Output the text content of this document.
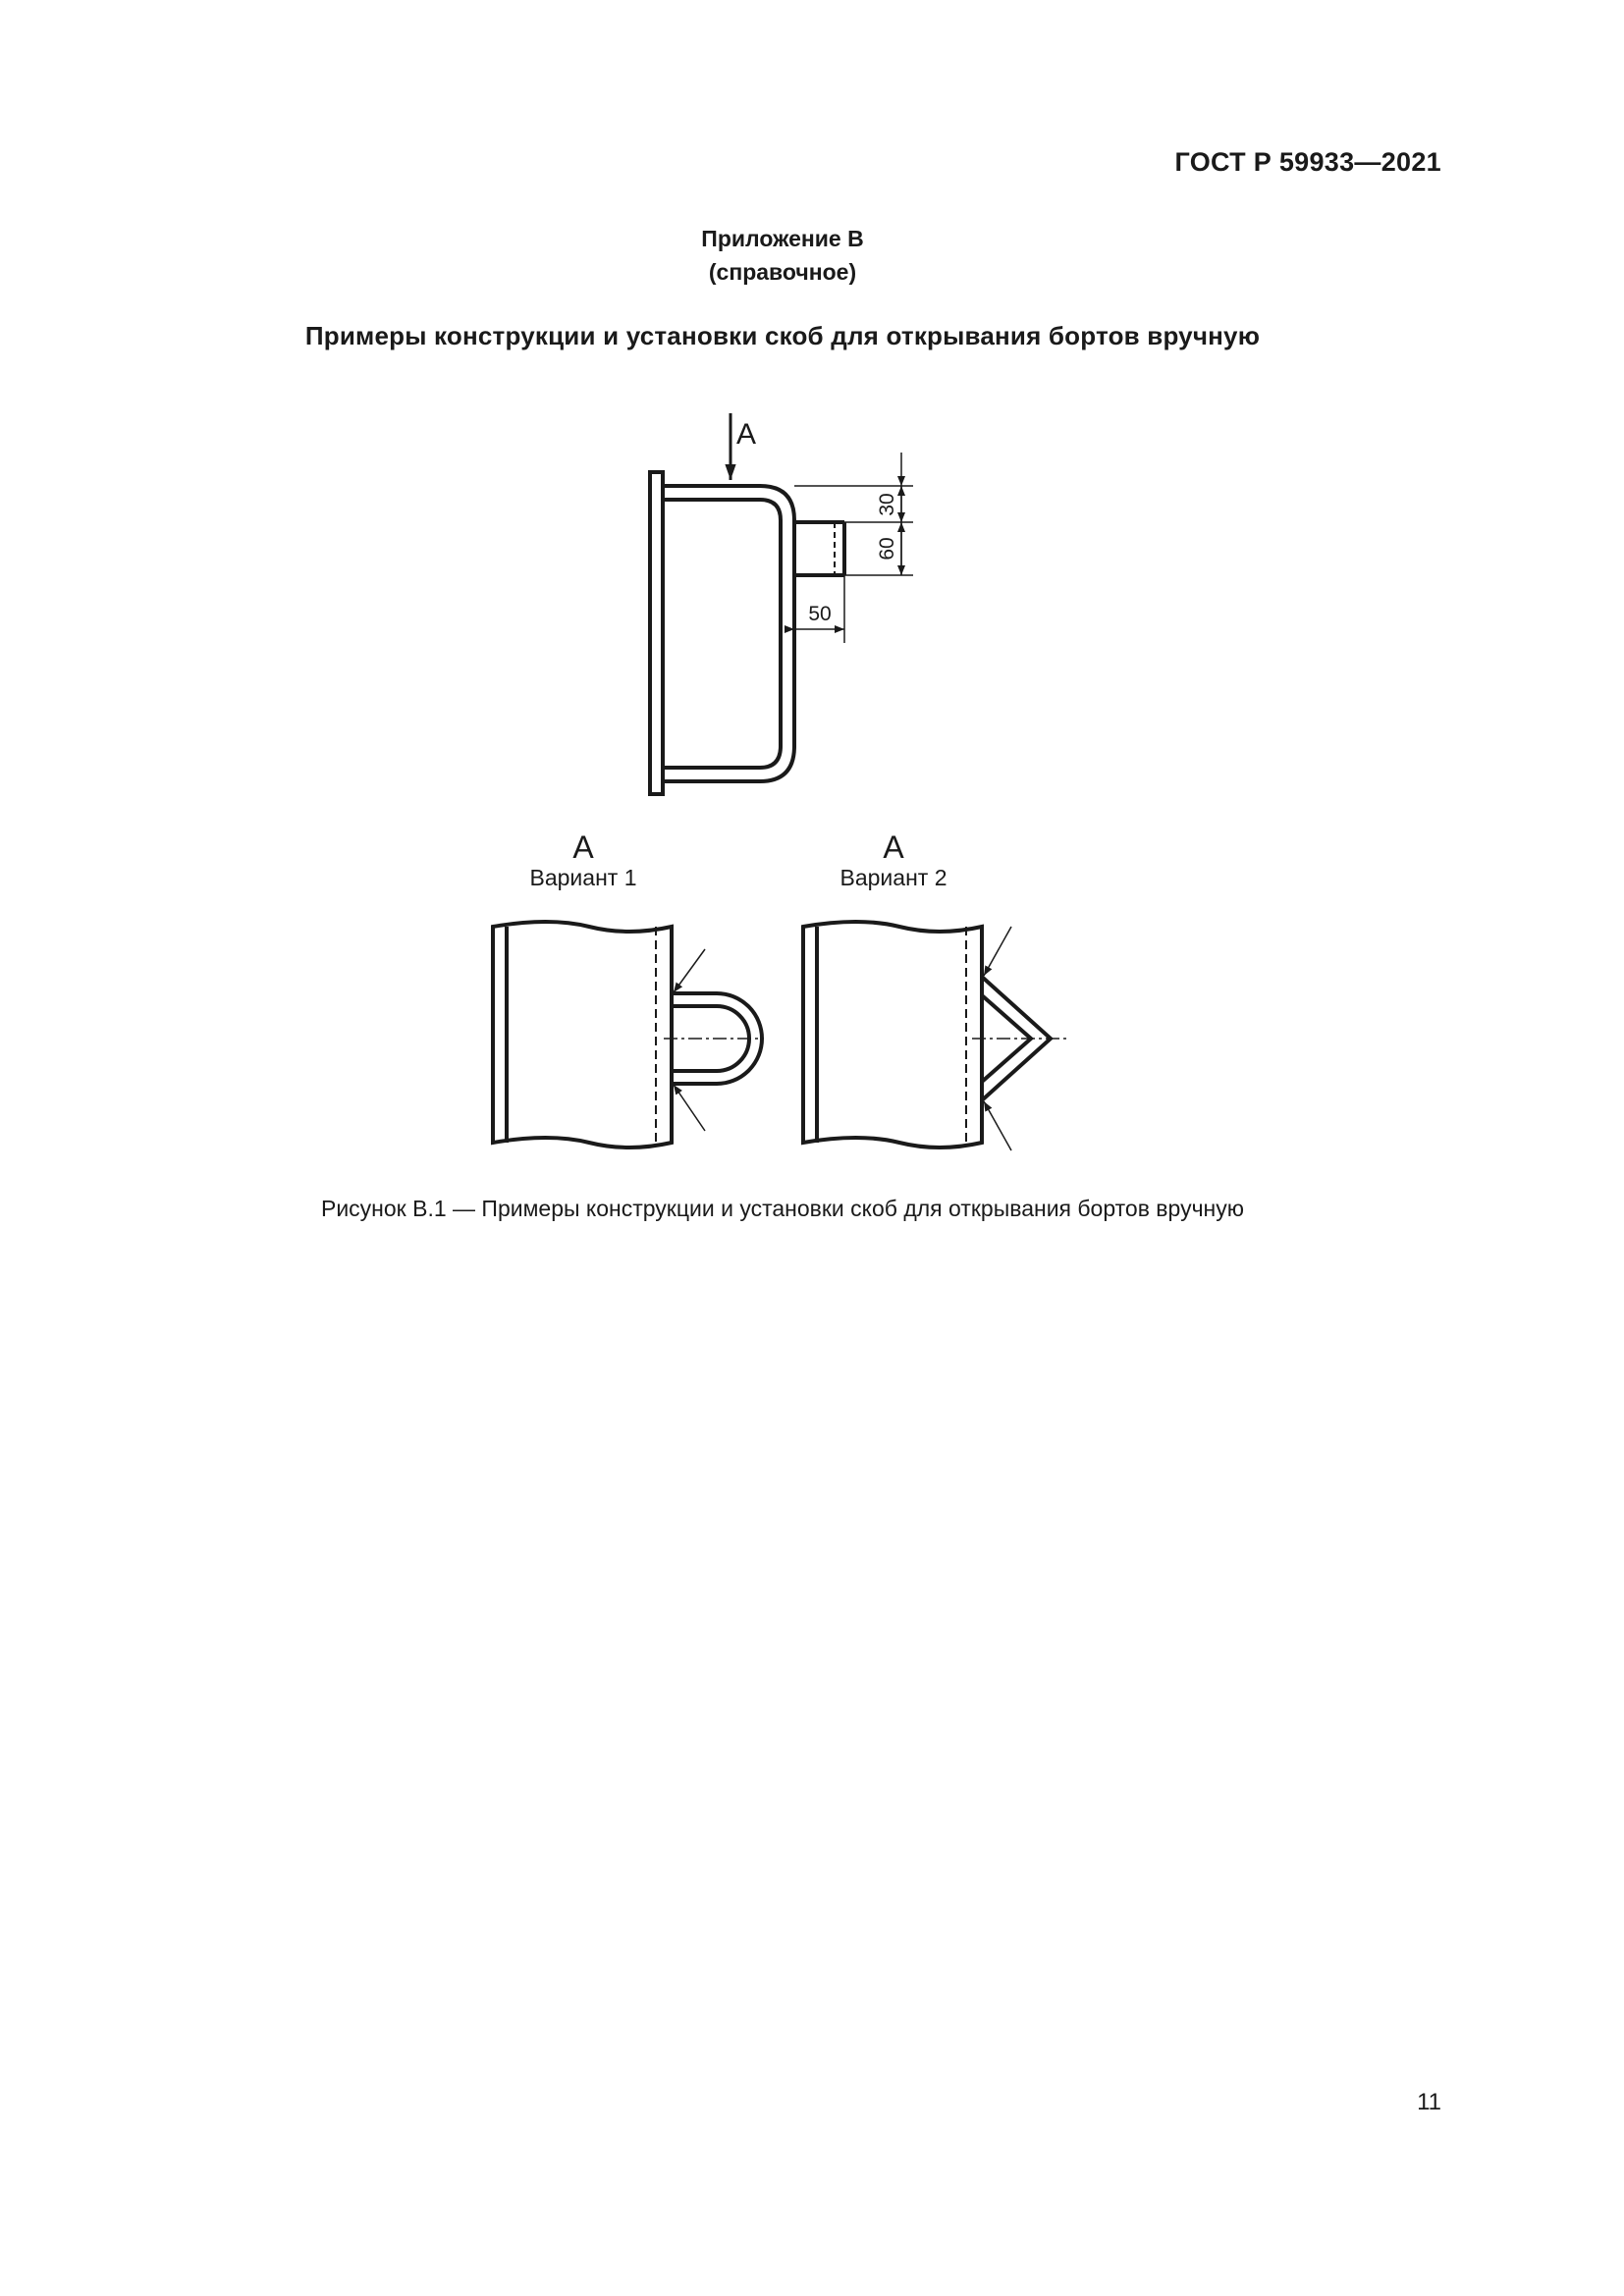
ГОСТ Р 59933—2021
Приложение В
(справочное)
Примеры конструкции и установки скоб для открывания бортов вручную
А
30
60
50
А
Вариант 1
А
Вариант 2
Рисунок В.1 — Примеры конструкции и установки скоб для открывания бортов вручную
11
